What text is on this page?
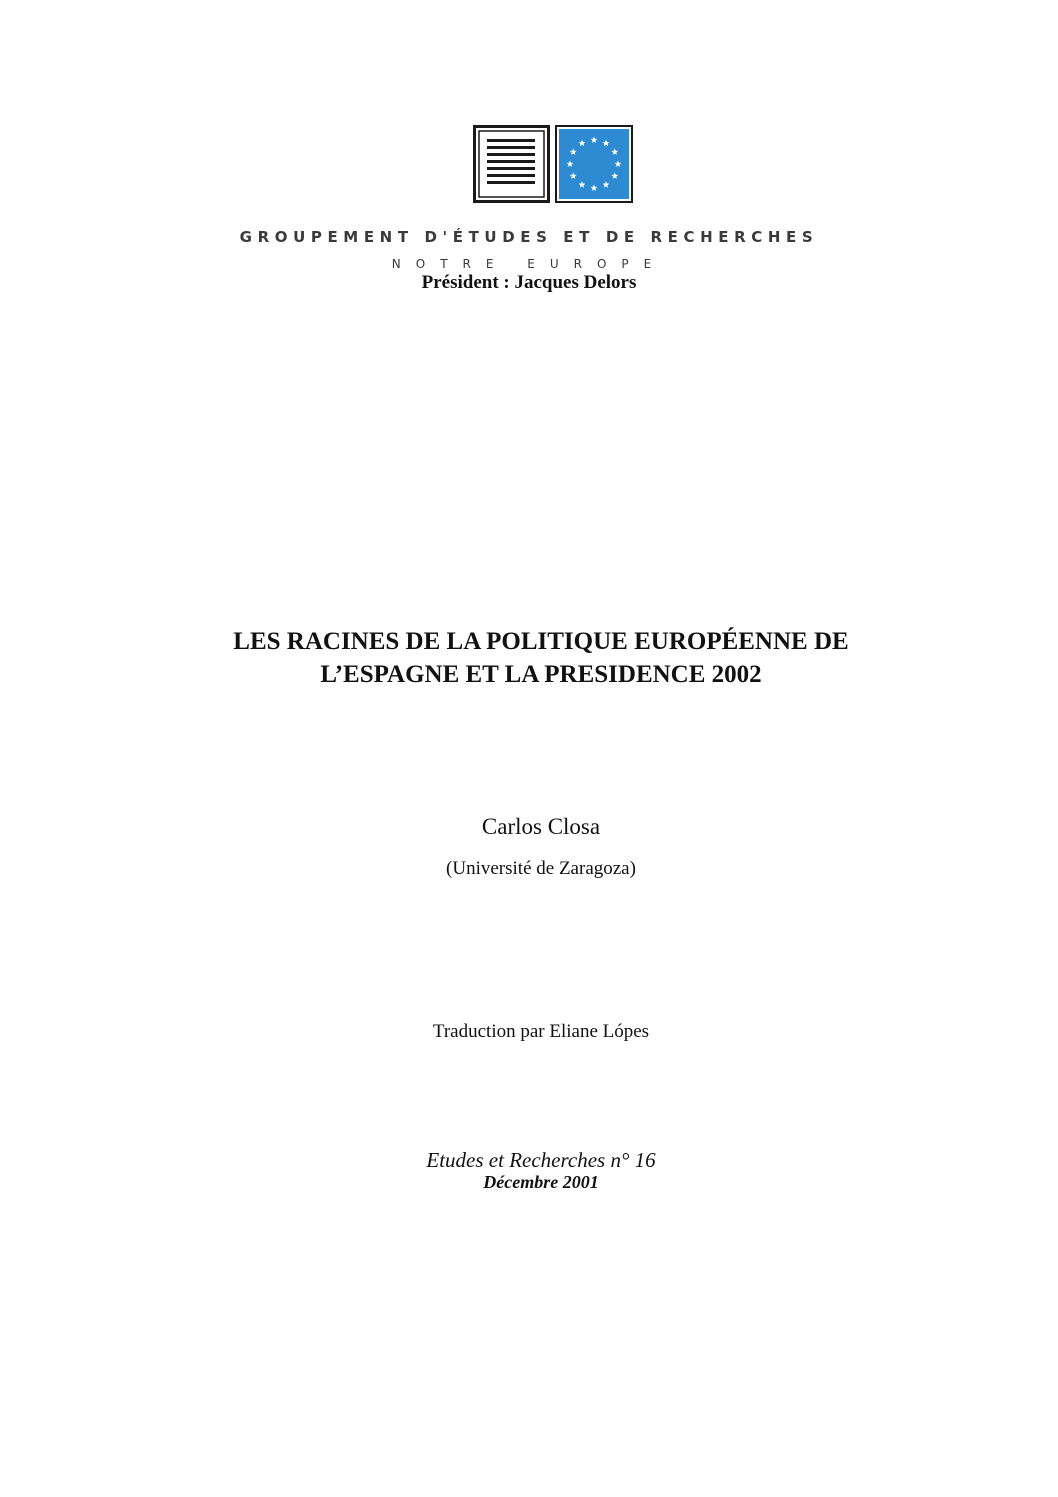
GROUPEMENT D'ÉTUDES ET DE RECHERCHES
NOTRE EUROPE
Président : Jacques Delors
LES RACINES DE LA POLITIQUE EUROPÉENNE DE
L’ESPAGNE ET LA PRESIDENCE 2002
Carlos Closa
(Université de Zaragoza)
Traduction par Eliane Lópes
Etudes et Recherches n° 16
Décembre 2001
